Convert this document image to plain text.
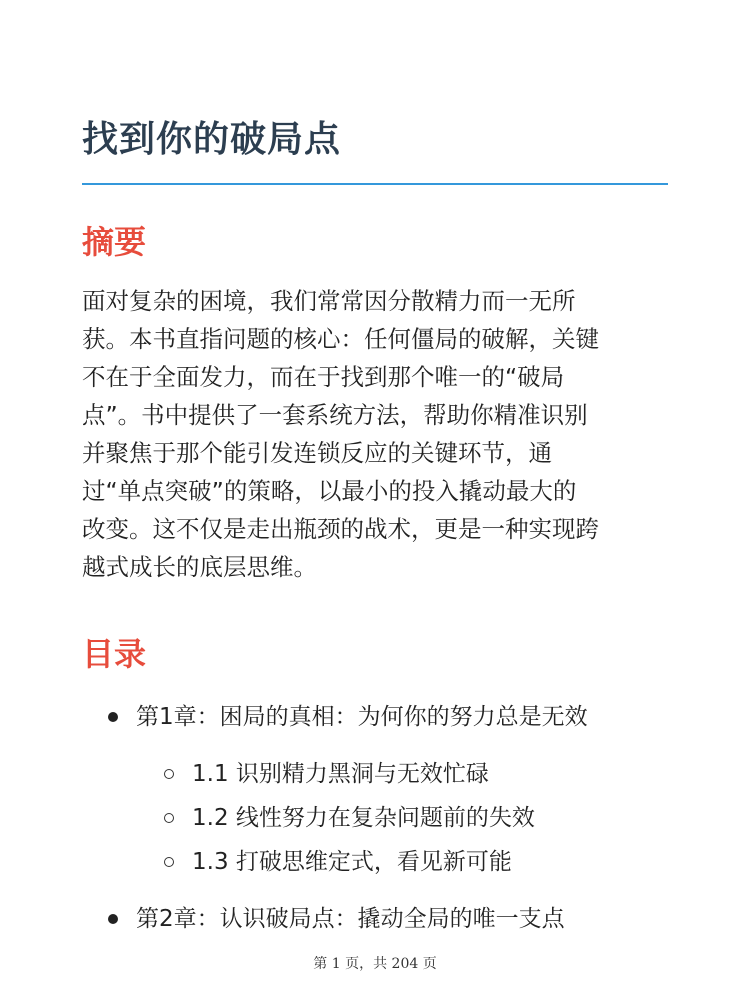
找到你的破局点
摘要

面对复杂的困境，我们常常因分散精力而一无所
获。本书直指问题的核心：任何僵局的破解，关键
不在于全面发力，而在于找到那个唯一的“破局
点”。书中提供了一套系统方法，帮助你精准识别
并聚焦于那个能引发连锁反应的关键环节，通
过“单点突破”的策略，以最小的投入撬动最大的
改变。这不仅是走出瓶颈的战术，更是一种实现跨
越式成长的底层思维。

目录
第1章：困局的真相：为何你的努力总是无效
1.1 识别精力黑洞与无效忙碌
1.2 线性努力在复杂问题前的失效
1.3 打破思维定式，看见新可能
第2章：认识破局点：撬动全局的唯一支点
第 1 页，共 204 页
